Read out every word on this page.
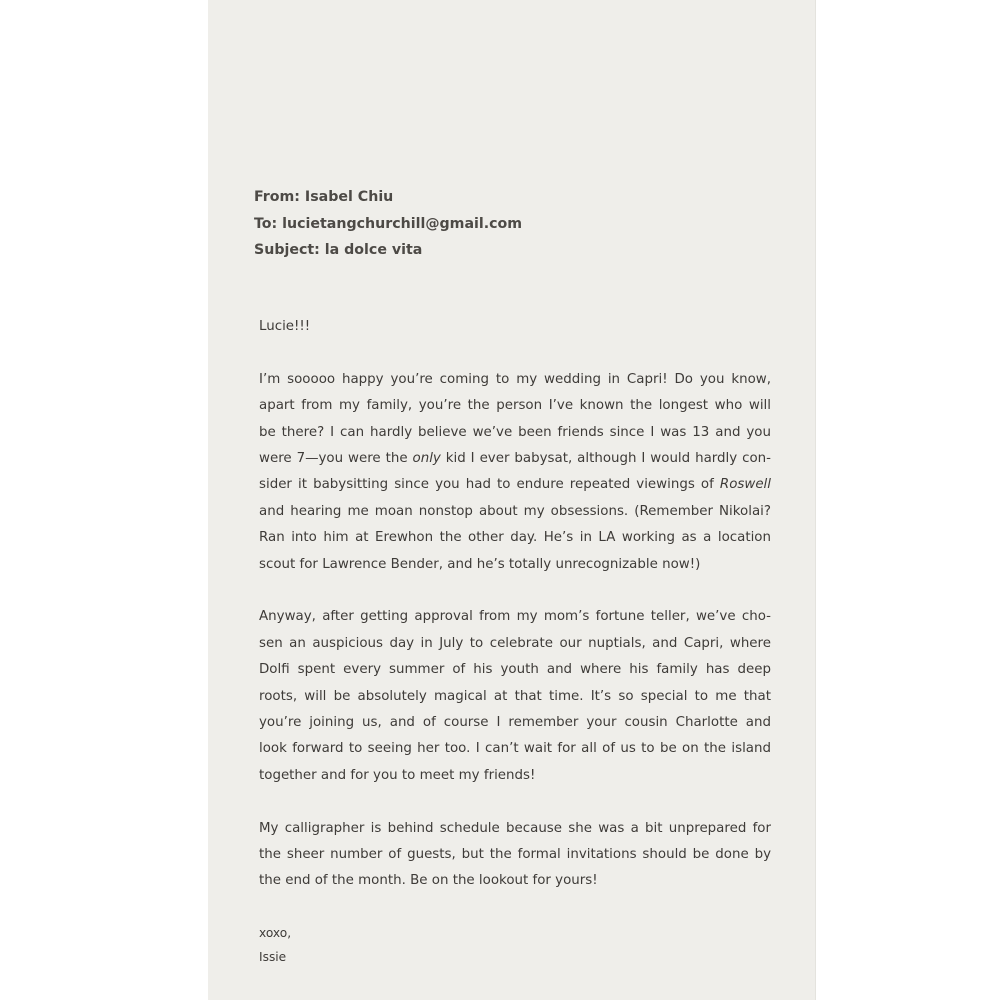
From: Isabel Chiu
To: lucietangchurchill@gmail.com
Subject: la dolce vita

Lucie!!!

I’m sooooo happy you’re coming to my wedding in Capri! Do you know,
apart from my family, you’re the person I’ve known the longest who will
be there? I can hardly believe we’ve been friends since I was 13 and you
were 7—you were the only kid I ever babysat, although I would hardly con-
sider it babysitting since you had to endure repeated viewings of Roswell
and hearing me moan nonstop about my obsessions. (Remember Nikolai?
Ran into him at Erewhon the other day. He’s in LA working as a location
scout for Lawrence Bender, and he’s totally unrecognizable now!)
Anyway, after getting approval from my mom’s fortune teller, we’ve cho-
sen an auspicious day in July to celebrate our nuptials, and Capri, where
Dolfi spent every summer of his youth and where his family has deep
roots, will be absolutely magical at that time. It’s so special to me that
you’re joining us, and of course I remember your cousin Charlotte and
look forward to seeing her too. I can’t wait for all of us to be on the island
together and for you to meet my friends!
My calligrapher is behind schedule because she was a bit unprepared for
the sheer number of guests, but the formal invitations should be done by
the end of the month. Be on the lookout for yours!
xoxo,
Issie
